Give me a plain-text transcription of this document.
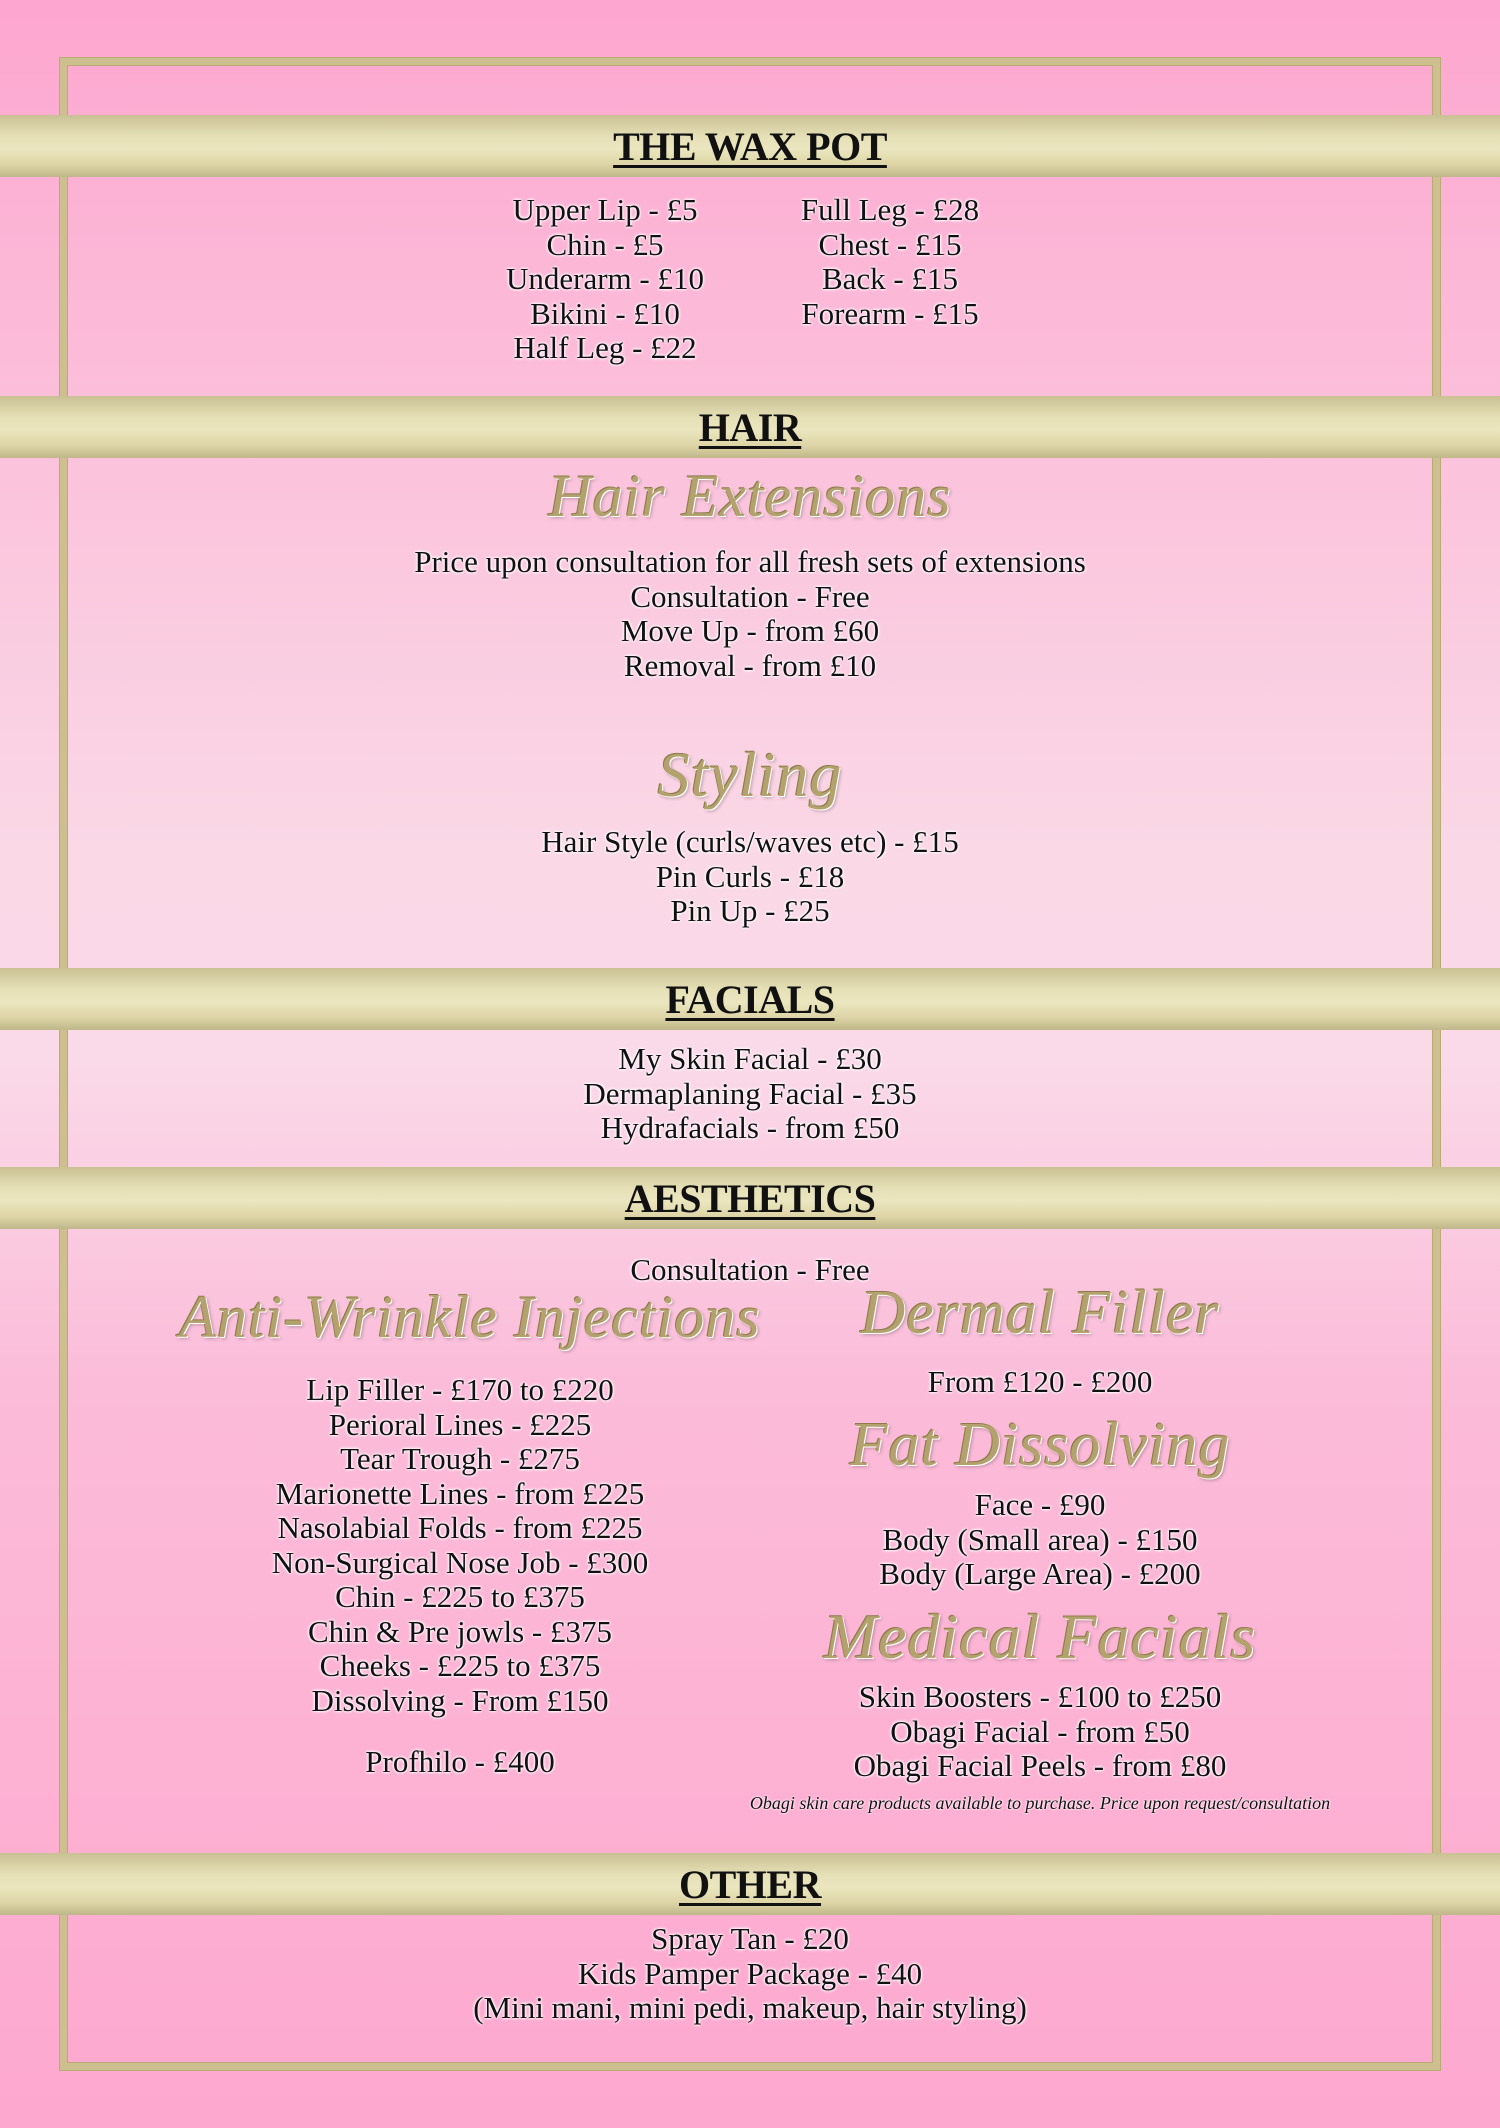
THE WAX POT
Upper Lip - £5
Chin - £5
Underarm - £10
Bikini - £10
Half Leg - £22
Full Leg - £28
Chest - £15
Back - £15
Forearm - £15
HAIR
Hair Extensions
Price upon consultation for all fresh sets of extensions
Consultation - Free
Move Up - from £60
Removal - from £10
Styling
Hair Style (curls/waves etc) - £15
Pin Curls - £18
Pin Up - £25
FACIALS
My Skin Facial - £30
Dermaplaning Facial - £35
Hydrafacials - from £50
AESTHETICS
Consultation - Free
Anti-Wrinkle Injections
Lip Filler - £170 to £220
Perioral Lines - £225
Tear Trough - £275
Marionette Lines - from £225
Nasolabial Folds - from £225
Non-Surgical Nose Job - £300
Chin - £225 to £375
Chin & Pre jowls - £375
Cheeks - £225 to £375
Dissolving - From £150
Profhilo - £400
Dermal Filler
From £120 - £200
Fat Dissolving
Face - £90
Body (Small area) - £150
Body (Large Area) - £200
Medical Facials
Skin Boosters - £100 to £250
Obagi Facial - from £50
Obagi Facial Peels - from £80
Obagi skin care products available to purchase. Price upon request/consultation
OTHER
Spray Tan - £20
Kids Pamper Package - £40
(Mini mani, mini pedi, makeup, hair styling)
